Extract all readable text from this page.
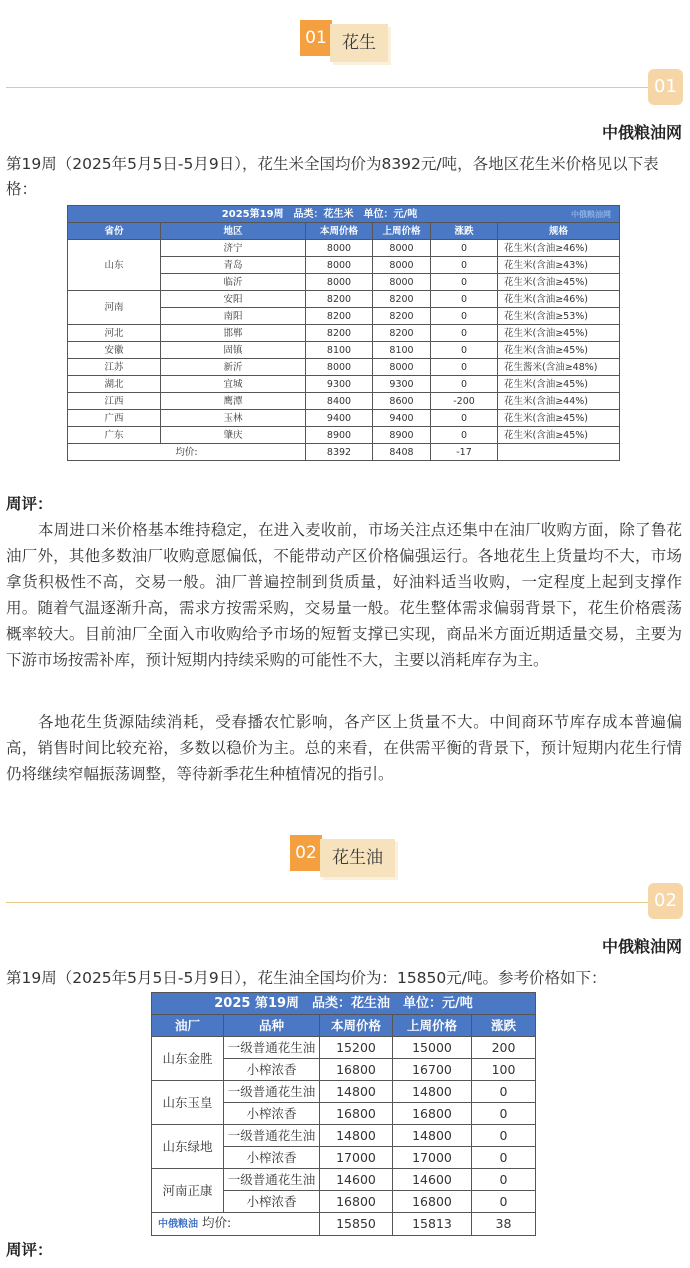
01 花生
01
中俄粮油网
第19周（2025年5月5日-5月9日），花生米全国均价为8392元/吨，各地区花生米价格见以下表格：
2025第19周　品类：花生米　单位：元/吨 中俄粮油网					

省份	地区	本周价格	上周价格	涨跌	规格
山东	济宁	8000	8000	0	花生米(含油≥46%)
	青岛	8000	8000	0	花生米(含油≥43%)
	临沂	8000	8000	0	花生米(含油≥45%)
河南	安阳	8200	8200	0	花生米(含油≥46%)
	南阳	8200	8200	0	花生米(含油≥53%)
河北	邯郸	8200	8200	0	花生米(含油≥45%)
安徽	固镇	8100	8100	0	花生米(含油≥45%)
江苏	新沂	8000	8000	0	花生酱米(含油≥48%)
湖北	宜城	9300	9300	0	花生米(含油≥45%)
江西	鹰潭	8400	8600	-200	花生米(含油≥44%)
广西	玉林	9400	9400	0	花生米(含油≥45%)
广东	肇庆	8900	8900	0	花生米(含油≥45%)
均价:		8392	8408	-17	
周评：
本周进口米价格基本维持稳定，在进入麦收前，市场关注点还集中在油厂收购方面，除了鲁花油厂外，其他多数油厂收购意愿偏低，不能带动产区价格偏强运行。各地花生上货量均不大，市场拿货积极性不高，交易一般。油厂普遍控制到货质量，好油料适当收购，一定程度上起到支撑作用。随着气温逐渐升高，需求方按需采购，交易量一般。花生整体需求偏弱背景下，花生价格震荡概率较大。目前油厂全面入市收购给予市场的短暂支撑已实现，商品米方面近期适量交易，主要为下游市场按需补库，预计短期内持续采购的可能性不大，主要以消耗库存为主。
各地花生货源陆续消耗，受春播农忙影响，各产区上货量不大。中间商环节库存成本普遍偏高，销售时间比较充裕，多数以稳价为主。总的来看，在供需平衡的背景下，预计短期内花生行情仍将继续窄幅振荡调整，等待新季花生种植情况的指引。
02 花生油
02
中俄粮油网
第19周（2025年5月5日-5月9日），花生油全国均价为：15850元/吨。参考价格如下：
2025 第19周　品类：花生油　单位：元/吨				
油厂	品种	本周价格	上周价格	涨跌
山东金胜	一级普通花生油	15200	15000	200
	小榨浓香	16800	16700	100
山东玉皇	一级普通花生油	14800	14800	0
	小榨浓香	16800	16800	0
山东绿地	一级普通花生油	14800	14800	0
	小榨浓香	17000	17000	0
河南正康	一级普通花生油	14600	14600	0
	小榨浓香	16800	16800	0
中俄粮油 均价:		15850	15813	38
周评：
